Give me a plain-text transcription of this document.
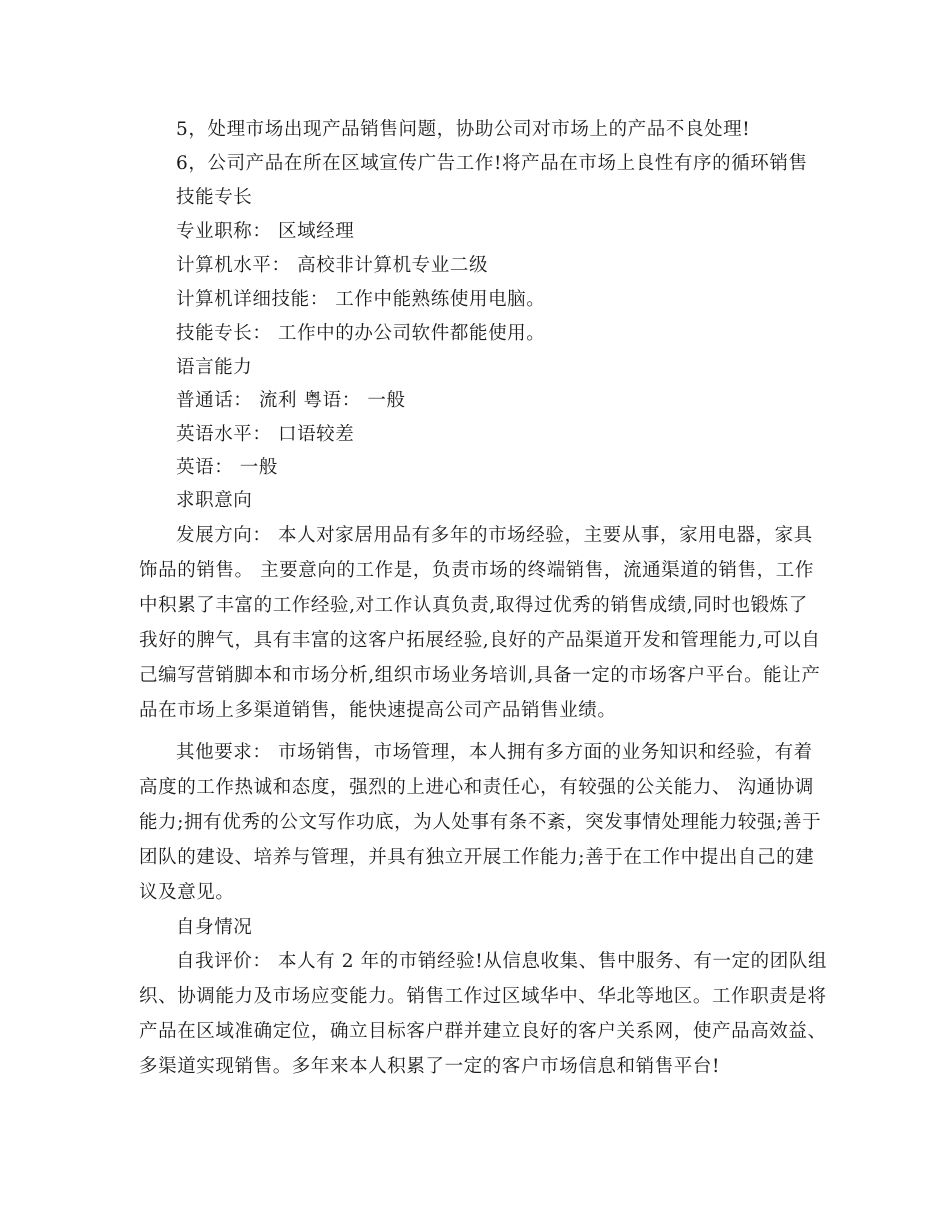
5，处理市场出现产品销售问题，协助公司对市场上的产品不良处理!
6，公司产品在所在区域宣传广告工作!将产品在市场上良性有序的循环销售
技能专长
专业职称： 区域经理
计算机水平： 高校非计算机专业二级
计算机详细技能： 工作中能熟练使用电脑。
技能专长： 工作中的办公司软件都能使用。
语言能力
普通话： 流利 粤语： 一般
英语水平： 口语较差
英语： 一般
求职意向
发展方向： 本人对家居用品有多年的市场经验，主要从事，家用电器，家具
饰品的销售。 主要意向的工作是，负责市场的终端销售，流通渠道的销售，工作
中积累了丰富的工作经验,对工作认真负责,取得过优秀的销售成绩,同时也锻炼了
我好的脾气，具有丰富的这客户拓展经验,良好的产品渠道开发和管理能力,可以自
己编写营销脚本和市场分析,组织市场业务培训,具备一定的市场客户平台。能让产
品在市场上多渠道销售，能快速提高公司产品销售业绩。
其他要求： 市场销售，市场管理，本人拥有多方面的业务知识和经验，有着
高度的工作热诚和态度，强烈的上进心和责任心，有较强的公关能力、 沟通协调
能力;拥有优秀的公文写作功底，为人处事有条不紊，突发事情处理能力较强;善于
团队的建设、培养与管理，并具有独立开展工作能力;善于在工作中提出自己的建
议及意见。
自身情况
自我评价： 本人有 2 年的市销经验!从信息收集、售中服务、有一定的团队组
织、协调能力及市场应变能力。销售工作过区域华中、华北等地区。工作职责是将
产品在区域准确定位，确立目标客户群并建立良好的客户关系网，使产品高效益、
多渠道实现销售。多年来本人积累了一定的客户市场信息和销售平台!
